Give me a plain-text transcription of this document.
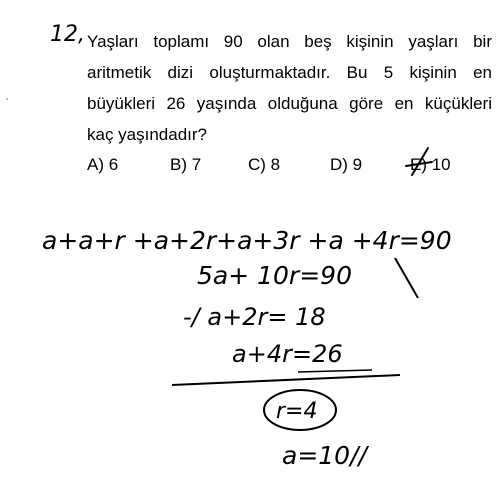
12, Yaşları toplamı 90 olan beş kişinin yaşları bir
aritmetik dizi oluşturmaktadır. Bu 5 kişinin en
büyükleri 26 yaşında olduğuna göre en küçükleri
kaç yaşındadır?
A) 6	B) 7	C) 8	D) 9	E) 10
a+a+r +a+2r+a+3r +a +4r=90
5a+ 10r=90
-/ a+2r= 18
a+4r=26
r=4
a=10//
